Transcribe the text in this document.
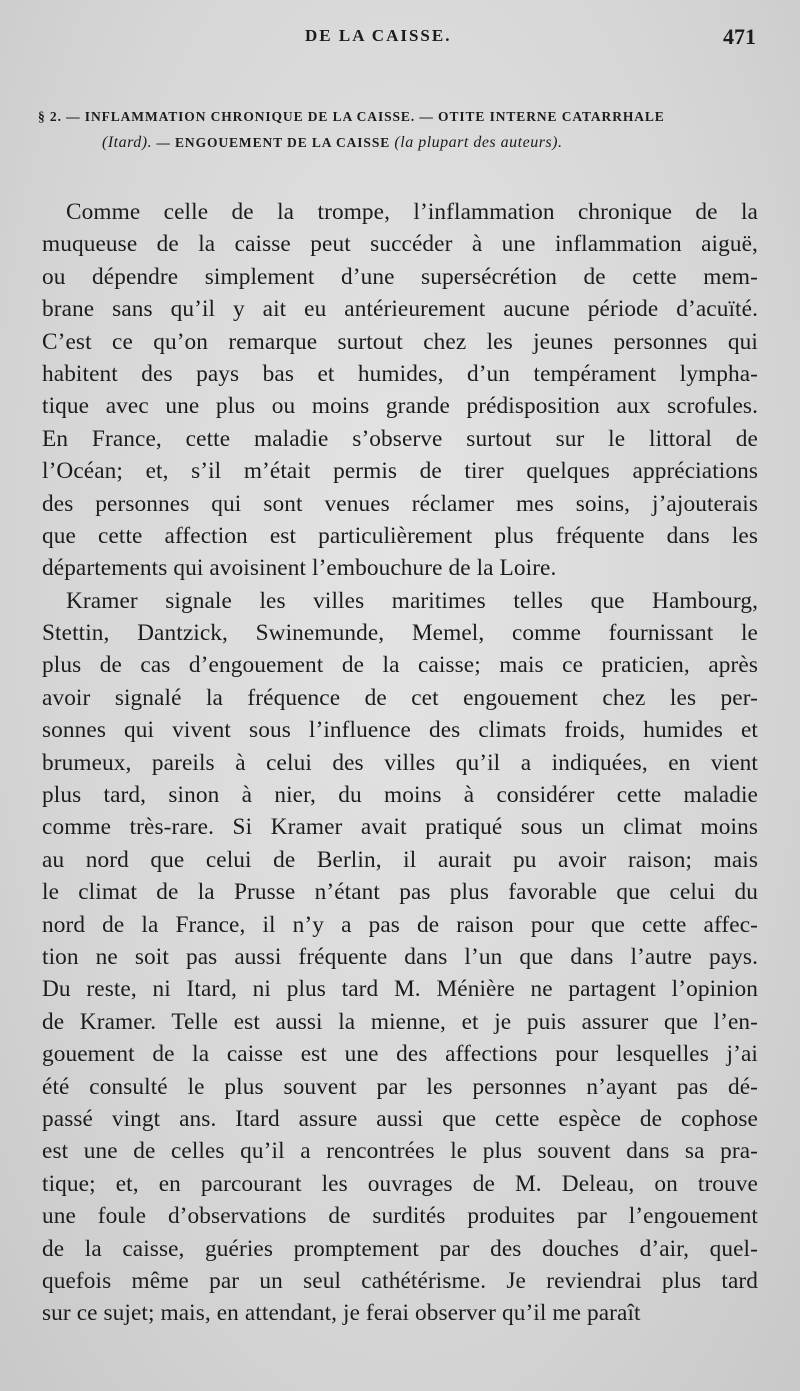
DE LA CAISSE.	471
§ 2. — INFLAMMATION CHRONIQUE DE LA CAISSE. — OTITE INTERNE CATARRHALE
(Itard). — ENGOUEMENT DE LA CAISSE (la plupart des auteurs).
Comme celle de la trompe, l’inflammation chronique de la
muqueuse de la caisse peut succéder à une inflammation aiguë,
ou dépendre simplement d’une supersécrétion de cette mem-
brane sans qu’il y ait eu antérieurement aucune période d’acuïté.
C’est ce qu’on remarque surtout chez les jeunes personnes qui
habitent des pays bas et humides, d’un tempérament lympha-
tique avec une plus ou moins grande prédisposition aux scrofules.
En France, cette maladie s’observe surtout sur le littoral de
l’Océan; et, s’il m’était permis de tirer quelques appréciations
des personnes qui sont venues réclamer mes soins, j’ajouterais
que cette affection est particulièrement plus fréquente dans les
départements qui avoisinent l’embouchure de la Loire.
Kramer signale les villes maritimes telles que Hambourg,
Stettin, Dantzick, Swinemunde, Memel, comme fournissant le
plus de cas d’engouement de la caisse; mais ce praticien, après
avoir signalé la fréquence de cet engouement chez les per-
sonnes qui vivent sous l’influence des climats froids, humides et
brumeux, pareils à celui des villes qu’il a indiquées, en vient
plus tard, sinon à nier, du moins à considérer cette maladie
comme très-rare. Si Kramer avait pratiqué sous un climat moins
au nord que celui de Berlin, il aurait pu avoir raison; mais
le climat de la Prusse n’étant pas plus favorable que celui du
nord de la France, il n’y a pas de raison pour que cette affec-
tion ne soit pas aussi fréquente dans l’un que dans l’autre pays.
Du reste, ni Itard, ni plus tard M. Ménière ne partagent l’opinion
de Kramer. Telle est aussi la mienne, et je puis assurer que l’en-
gouement de la caisse est une des affections pour lesquelles j’ai
été consulté le plus souvent par les personnes n’ayant pas dé-
passé vingt ans. Itard assure aussi que cette espèce de cophose
est une de celles qu’il a rencontrées le plus souvent dans sa pra-
tique; et, en parcourant les ouvrages de M. Deleau, on trouve
une foule d’observations de surdités produites par l’engouement
de la caisse, guéries promptement par des douches d’air, quel-
quefois même par un seul cathétérisme. Je reviendrai plus tard
sur ce sujet; mais, en attendant, je ferai observer qu’il me paraît
